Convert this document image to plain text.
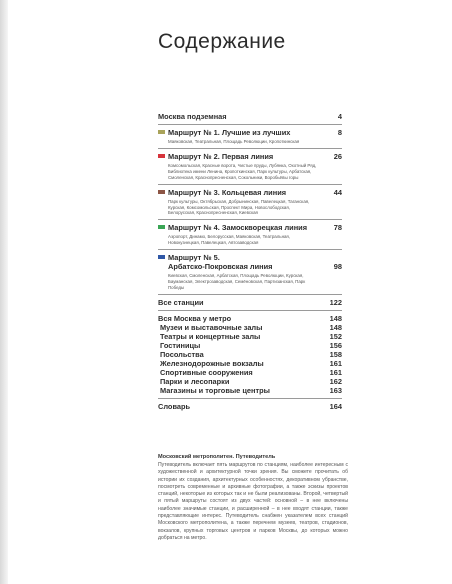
Содержание
Москва подземная	4
Маршрут № 1. Лучшие из лучших	8
Маяковская, Театральная, Площадь Революции, Кропоткинская
Маршрут № 2. Первая линия	26
Комсомольская, Красные ворота, Чистые пруды, Лубянка, Охотный Ряд, Библиотека имени Ленина, Кропоткинская, Парк культуры, Арбатская, Смоленская, Краснопресненская, Сокольники, Воробьёвы горы
Маршрут № 3. Кольцевая линия	44
Парк культуры, Октябрьская, Добрынинская, Павелецкая, Таганская, Курская, Комсомольская, Проспект Мира, Новослободская, Белорусская, Краснопресненская, Киевская
Маршрут № 4. Замоскворецкая линия	78
Аэропорт, Динамо, Белорусская, Маяковская, Театральная, Новокузнецкая, Павелецкая, Автозаводская
Маршрут № 5.
Арбатско-Покровская линия	98
Киевская, Смоленская, Арбатская, Площадь Революции, Курская, Бауманская, Электрозаводская, Семёновская, Партизанская, Парк Победы
Все станции	122
Вся Москва у метро	148
Музеи и выставочные залы	148
Театры и концертные залы	152
Гостиницы	156
Посольства	158
Железнодорожные вокзалы	161
Спортивные сооружения	161
Парки и лесопарки	162
Магазины и торговые центры	163
Словарь	164
Московский метрополитен. Путеводитель
Путеводитель включает пять маршрутов по станциям, наиболее интересным с художественной и архитектурной точки зрения. Вы сможете прочитать об истории их создания, архитектурных особенностях, декоративном убранстве, посмотреть современные и архивные фотографии, а также эскизы проектов станций, некоторые из которых так и не были реализованы. Второй, четвертый и пятый маршруты состоят из двух частей: основной – в нее включены наиболее значимые станции, и расширенной – в нее входят станции, также представляющие интерес. Путеводитель снабжен указателем всех станций Московского метрополитена, а также перечнем музеев, театров, стадионов, вокзалов, крупных торговых центров и парков Москвы, до которых можно добраться на метро.
